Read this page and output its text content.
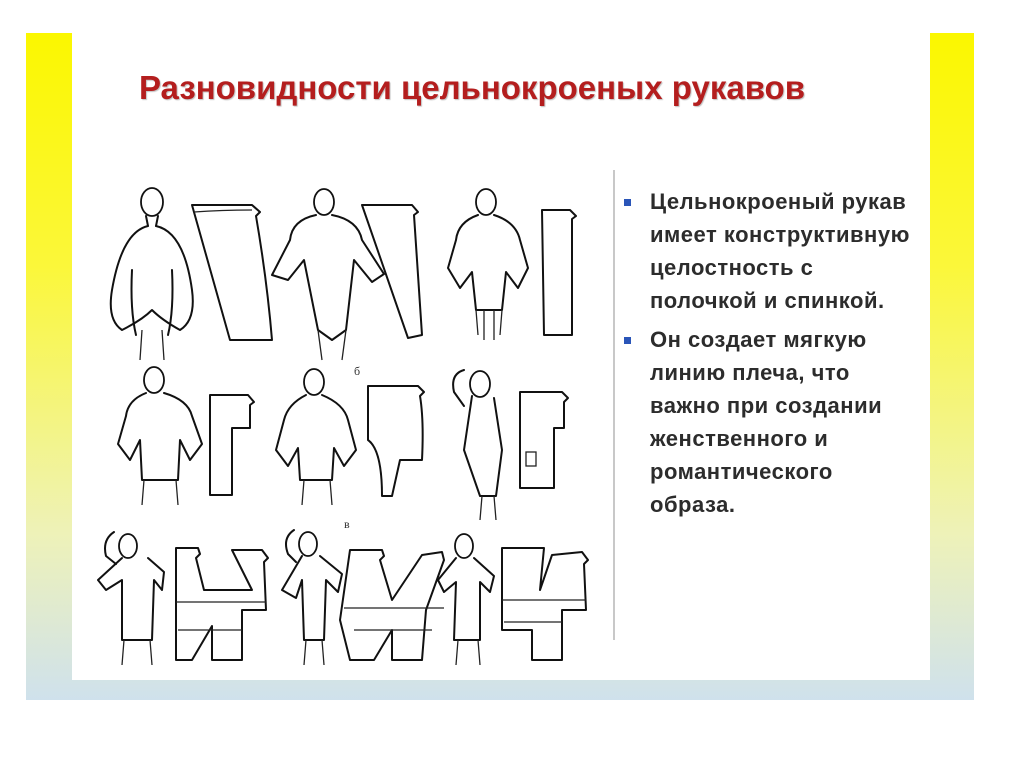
Разновидности цельнокроеных рукавов
б
в
Цельнокроеный рукав имеет конструктивную целостность с полочкой и спинкой.
Он создает мягкую линию плеча, что важно при создании женственного и романтического образа.
